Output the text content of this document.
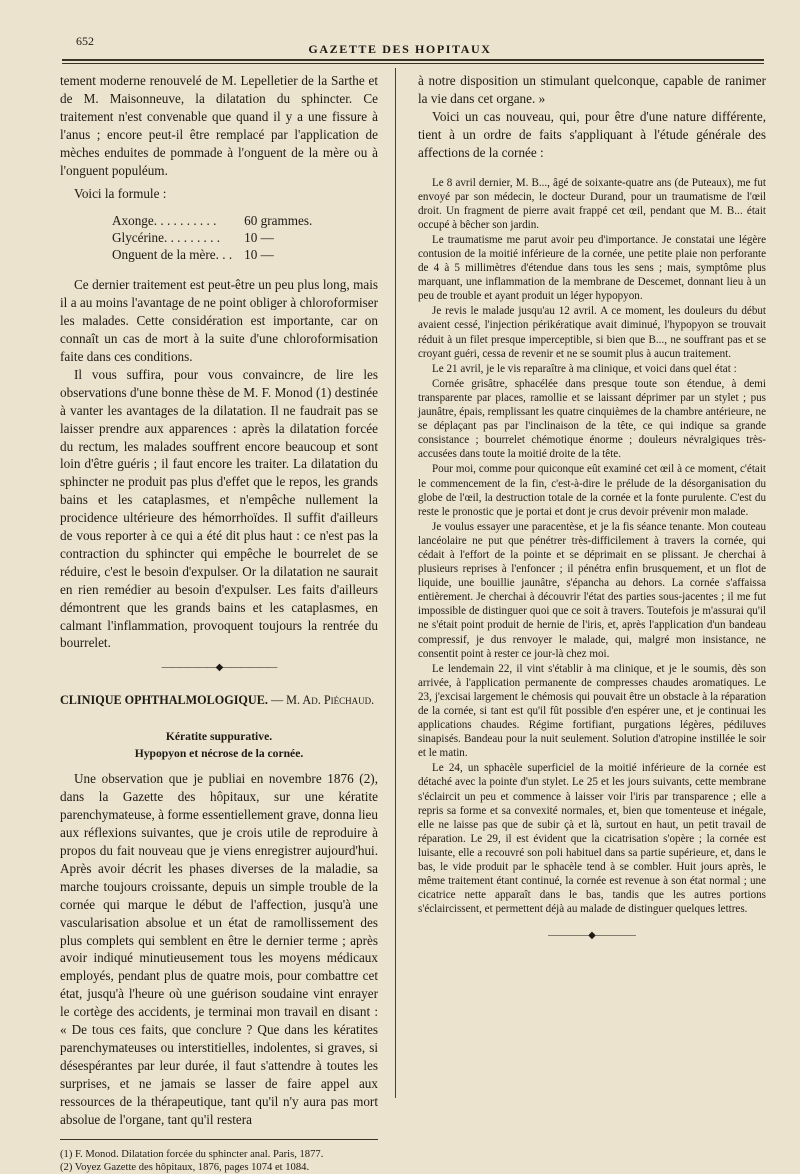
652
GAZETTE DES HOPITAUX

tement moderne renouvelé de M. Lepelletier de la Sarthe et de M. Maisonneuve, la dilatation du sphincter. Ce traitement n'est convenable que quand il y a une fissure à l'anus ; encore peut-il être remplacé par l'application de mèches enduites de pommade à l'onguent de la mère ou à l'onguent populéum.

Voici la formule :

Axonge. . . . . . . . . .	60 grammes.
Glycérine. . . . . . . . .	10 —
Onguent de la mère. . .	10 —

Ce dernier traitement est peut-être un peu plus long, mais il a au moins l'avantage de ne point obliger à chloroformiser les malades. Cette considération est importante, car on connaît un cas de mort à la suite d'une chloroformisation faite dans ces conditions.

Il vous suffira, pour vous convaincre, de lire les observations d'une bonne thèse de M. F. Monod (1) destinée à vanter les avantages de la dilatation. Il ne faudrait pas se laisser prendre aux apparences : après la dilatation forcée du rectum, les malades souffrent encore beaucoup et sont loin d'être guéris ; il faut encore les traiter. La dilatation du sphincter ne produit pas plus d'effet que le repos, les grands bains et les cataplasmes, et n'empêche nullement la procidence ultérieure des hémorrhoïdes. Il suffit d'ailleurs de vous reporter à ce qui a été dit plus haut : ce n'est pas la contraction du sphincter qui empêche le bourrelet de se réduire, c'est le besoin d'expulser. Or la dilatation ne saurait en rien remédier au besoin d'expulser. Les faits d'ailleurs démontrent que les grands bains et les cataplasmes, en calmant l'inflammation, provoquent toujours la rentrée du bourrelet.

——————◆——————
CLINIQUE OPHTHALMOLOGIQUE. — M. Ad. Piéchaud.
Kératite suppurative.
Hypopyon et nécrose de la cornée.

Une observation que je publiai en novembre 1876 (2), dans la Gazette des hôpitaux, sur une kératite parenchymateuse, à forme essentiellement grave, donna lieu aux réflexions suivantes, que je crois utile de reproduire à propos du fait nouveau que je viens enregistrer aujourd'hui. Après avoir décrit les phases diverses de la maladie, sa marche toujours croissante, depuis un simple trouble de la cornée qui marque le début de l'affection, jusqu'à une vascularisation absolue et un état de ramollissement des plus complets qui semblent en être le dernier terme ; après avoir indiqué minutieusement tous les moyens médicaux employés, pendant plus de quatre mois, pour combattre cet état, jusqu'à l'heure où une guérison soudaine vint enrayer le cortège des accidents, je terminai mon travail en disant : « De tous ces faits, que conclure ? Que dans les kératites parenchymateuses ou interstitielles, indolentes, si graves, si désespérantes par leur durée, il faut s'attendre à toutes les surprises, et ne jamais se lasser de faire appel aux ressources de la thérapeutique, tant qu'il n'y aura pas mort absolue de l'organe, tant qu'il restera

(1) F. Monod. Dilatation forcée du sphincter anal. Paris, 1877.

(2) Voyez Gazette des hôpitaux, 1876, pages 1074 et 1084.

à notre disposition un stimulant quelconque, capable de ranimer la vie dans cet organe. »

Voici un cas nouveau, qui, pour être d'une nature différente, tient à un ordre de faits s'appliquant à l'étude générale des affections de la cornée :

Le 8 avril dernier, M. B..., âgé de soixante-quatre ans (de Puteaux), me fut envoyé par son médecin, le docteur Durand, pour un traumatisme de l'œil droit. Un fragment de pierre avait frappé cet œil, pendant que M. B... était occupé à bêcher son jardin.

Le traumatisme me parut avoir peu d'importance. Je constatai une légère contusion de la moitié inférieure de la cornée, une petite plaie non perforante de 4 à 5 millimètres d'étendue dans tous les sens ; mais, symptôme plus marquant, une inflammation de la membrane de Descemet, donnant lieu à un peu de trouble et ayant produit un léger hypopyon.

Je revis le malade jusqu'au 12 avril. A ce moment, les douleurs du début avaient cessé, l'injection périkératique avait diminué, l'hypopyon se trouvait réduit à un filet presque imperceptible, si bien que B..., ne souffrant pas et se croyant guéri, cessa de revenir et ne se soumit plus à aucun traitement.

Le 21 avril, je le vis reparaître à ma clinique, et voici dans quel état :

Cornée grisâtre, sphacélée dans presque toute son étendue, à demi transparente par places, ramollie et se laissant déprimer par un stylet ; pus jaunâtre, épais, remplissant les quatre cinquièmes de la chambre antérieure, ne se déplaçant pas par l'inclinaison de la tête, ce qui indique sa grande consistance ; bourrelet chémotique énorme ; douleurs névralgiques très-accusées dans toute la moitié droite de la tête.

Pour moi, comme pour quiconque eût examiné cet œil à ce moment, c'était le commencement de la fin, c'est-à-dire le prélude de la désorganisation du globe de l'œil, la destruction totale de la cornée et la fonte purulente. C'est du reste le pronostic que je portai et dont je crus devoir prévenir mon malade.

Je voulus essayer une paracentèse, et je la fis séance tenante. Mon couteau lancéolaire ne put que pénétrer très-difficilement à travers la cornée, qui cédait à l'effort de la pointe et se déprimait en se plissant. Je cherchai à plusieurs reprises à l'enfoncer ; il pénétra enfin brusquement, et un flot de liquide, une bouillie jaunâtre, s'épancha au dehors. La cornée s'affaissa entièrement. Je cherchai à découvrir l'état des parties sous-jacentes ; il me fut impossible de distinguer quoi que ce soit à travers. Toutefois je m'assurai qu'il ne s'était point produit de hernie de l'iris, et, après l'application d'un bandeau compressif, je dus renvoyer le malade, qui, malgré mon insistance, ne consentit point à rester ce jour-là chez moi.

Le lendemain 22, il vint s'établir à ma clinique, et je le soumis, dès son arrivée, à l'application permanente de compresses chaudes aromatiques. Le 23, j'excisai largement le chémosis qui pouvait être un obstacle à la réparation de la cornée, si tant est qu'il fût possible d'en espérer une, et je continuai les applications chaudes. Régime fortifiant, purgations légères, pédiluves sinapisés. Bandeau pour la nuit seulement. Solution d'atropine instillée le soir et le matin.

Le 24, un sphacèle superficiel de la moitié inférieure de la cornée est détaché avec la pointe d'un stylet. Le 25 et les jours suivants, cette membrane s'éclaircit un peu et commence à laisser voir l'iris par transparence ; elle a repris sa forme et sa convexité normales, et, bien que tomenteuse et inégale, elle ne laisse pas que de subir çà et là, surtout en haut, un petit travail de réparation. Le 29, il est évident que la cicatrisation s'opère ; la cornée est luisante, elle a recouvré son poli habituel dans sa partie supérieure, et, dans le bas, le vide produit par le sphacèle tend à se combler. Huit jours après, le même traitement étant continué, la cornée est revenue à son état normal ; une cicatrice nette apparaît dans le bas, tandis que les autres portions s'éclaircissent, et permettent déjà au malade de distinguer quelques lettres.

————◆————
